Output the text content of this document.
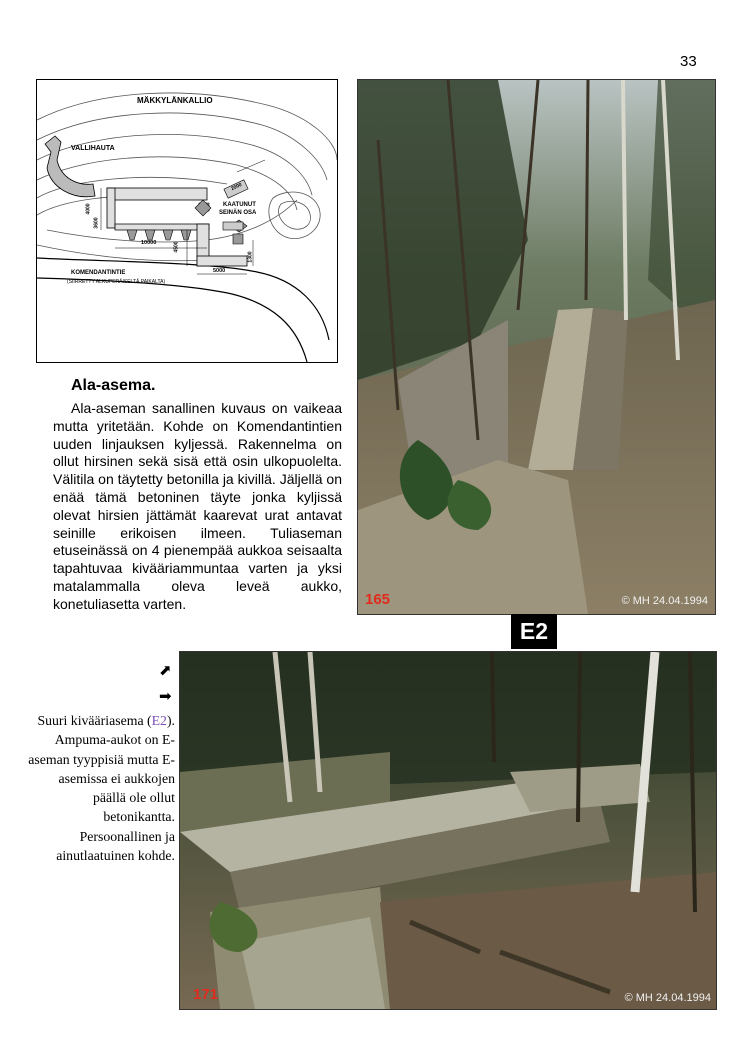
33
MÄKKYLÄNKALLIO
VALLIHAUTA
KAATUNUT
SEINÄN OSA
KOMENDANTINTIE
(SIIRRETTY ALKUPERÄISELTÄ PAIKALTA)
2000
4000
3600
10000	4500
1300
5000
165	© MH 24.04.1994
Ala-asema.
Ala-aseman sanallinen kuvaus on vaikeaa mutta yritetään. Kohde on Komendantintien uuden linjauksen kyljessä. Rakennelma on ollut hirsinen sekä sisä että osin ulkopuolelta. Välitila on täytetty betonilla ja kivillä. Jäljellä on enää tämä betoninen täyte jonka kyljissä olevat hirsien jättämät kaarevat urat antavat seinille erikoisen ilmeen. Tuliaseman etuseinässä on 4 pienempää aukkoa seisaalta tapahtuvaa kivääriammuntaa varten ja yksi matalammalla oleva leveä aukko, konetuliasetta varten.
E2
⬈
➡
Suuri kivääriasema (E2). Ampuma-aukot on E-aseman tyyppisiä mutta E-asemissa ei aukkojen päällä ole ollut betonikantta. Persoonallinen ja ainutlaatuinen kohde.
171	© MH 24.04.1994
